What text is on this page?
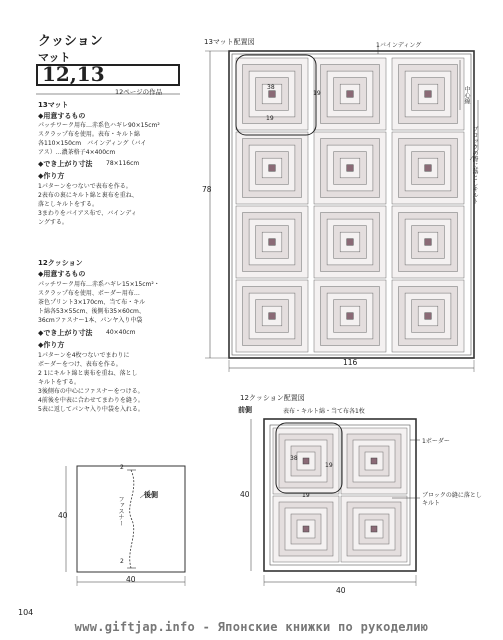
クッション
マット
12,13
12ページの作品
13マット
◆用意するもの
パッチワーク用布…赤系色ハギレ90×15cm²
スクラップ布を使用。表布・キルト綿
各110×150cm　バインディング（バイ
アス）…濃茶格子4×400cm
◆でき上がり寸法 78×116cm
◆作り方
1パターンをつないで表布を作る。
2表布の裏にキルト綿と裏布を重ね、
落としキルトをする。
3まわりをバイアス布で、バインディ
ングする。
12クッション
◆用意するもの
パッチワーク用布…赤系ハギレ15×15cm²・
スクラップ布を使用、ボーダー用布…
茶色プリント3×170cm、当て布・キル
ト綿各53×55cm、後側布35×60cm、
36cmファスナー1本、パンヤ入り中袋
◆でき上がり寸法 40×40cm
◆作り方
1パターンを4枚つないでまわりに
ボーダーをつけ、表布を作る。
2 1にキルト綿と裏布を重ね、落とし
キルトをする。
3後側布の中心にファスナーをつける。
4前後を中表に合わせてまわりを縫う。
5表に返してパンヤ入り中袋を入れる。
後側
ファスナー
2
2
40
40
13マット配置図	1バインディング
中心線
ブロックの際に落としキルト
38
19
19
78
116
12クッション配置図
前側	表布・キルト綿・当て布各1枚
1ボーダー
ブロックの縫に落としキルト
38
19
19
40
40
104
www.giftjap.info - Японские книжки по рукоделию
